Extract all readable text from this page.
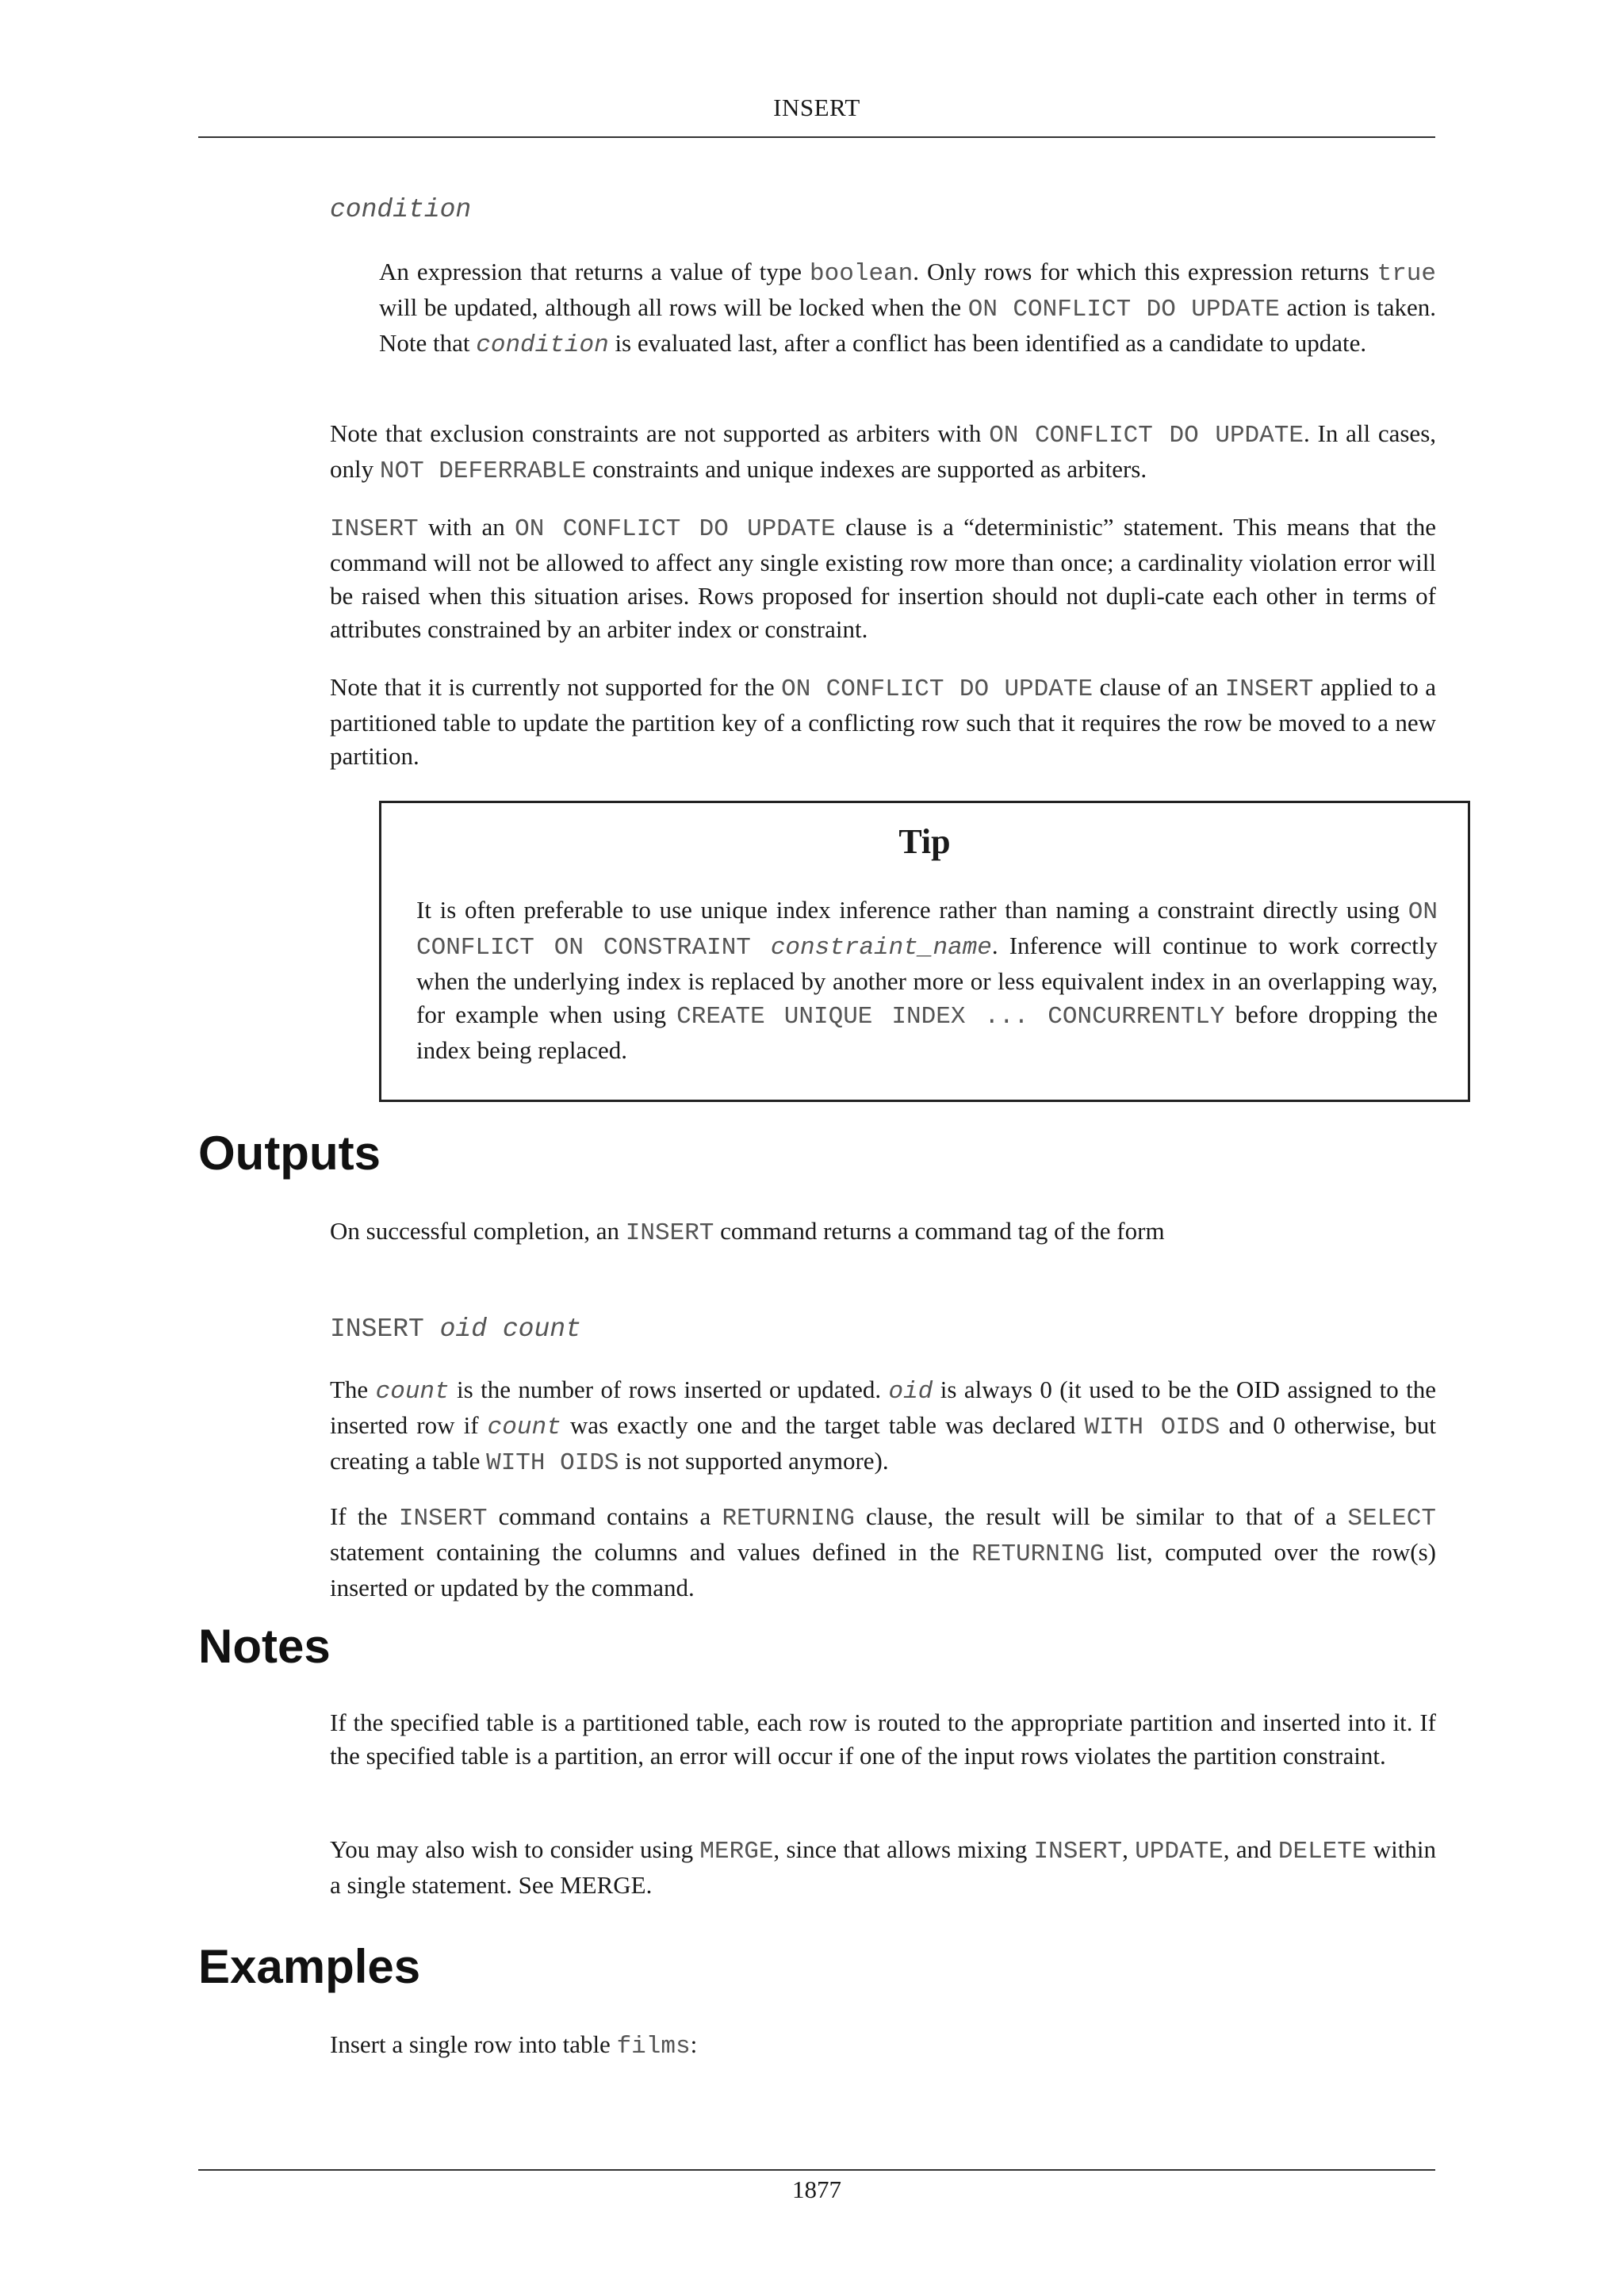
INSERT
condition

An expression that returns a value of type boolean. Only rows for which this expression returns true will be updated, although all rows will be locked when the ON CONFLICT DO UPDATE action is taken. Note that condition is evaluated last, after a conflict has been identified as a candidate to update.

Note that exclusion constraints are not supported as arbiters with ON CONFLICT DO UPDATE. In all cases, only NOT DEFERRABLE constraints and unique indexes are supported as arbiters.

INSERT with an ON CONFLICT DO UPDATE clause is a “deterministic” statement. This means that the command will not be allowed to affect any single existing row more than once; a cardinality violation error will be raised when this situation arises. Rows proposed for insertion should not dupli-cate each other in terms of attributes constrained by an arbiter index or constraint.

Note that it is currently not supported for the ON CONFLICT DO UPDATE clause of an INSERT applied to a partitioned table to update the partition key of a conflicting row such that it requires the row be moved to a new partition.

Tip

It is often preferable to use unique index inference rather than naming a constraint directly using ON CONFLICT ON CONSTRAINT constraint_name. Inference will continue to work correctly when the underlying index is replaced by another more or less equivalent index in an overlapping way, for example when using CREATE UNIQUE INDEX ... CONCURRENTLY before dropping the index being replaced.

Outputs

On successful completion, an INSERT command returns a command tag of the form

INSERT oid count

The count is the number of rows inserted or updated. oid is always 0 (it used to be the OID assigned to the inserted row if count was exactly one and the target table was declared WITH OIDS and 0 otherwise, but creating a table WITH OIDS is not supported anymore).

If the INSERT command contains a RETURNING clause, the result will be similar to that of a SELECT statement containing the columns and values defined in the RETURNING list, computed over the row(s) inserted or updated by the command.

Notes

If the specified table is a partitioned table, each row is routed to the appropriate partition and inserted into it. If the specified table is a partition, an error will occur if one of the input rows violates the partition constraint.

You may also wish to consider using MERGE, since that allows mixing INSERT, UPDATE, and DELETE within a single statement. See MERGE.

Examples

Insert a single row into table films:

1877
